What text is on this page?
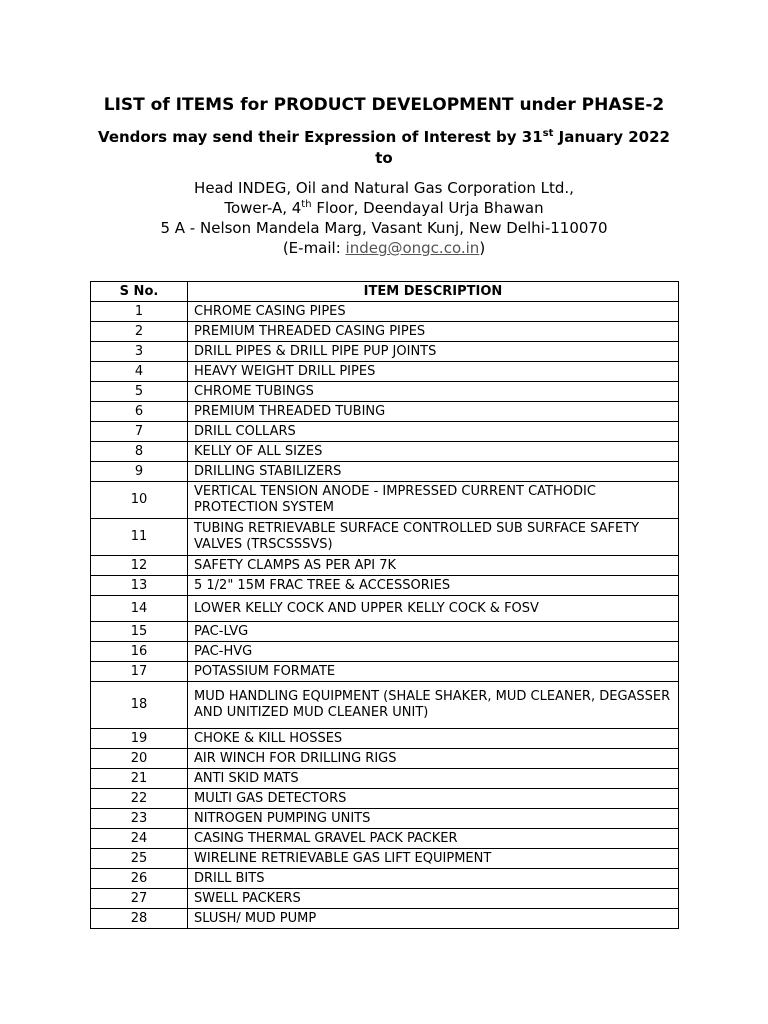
LIST of ITEMS for PRODUCT DEVELOPMENT under PHASE-2
Vendors may send their Expression of Interest by 31st January 2022
to
Head INDEG, Oil and Natural Gas Corporation Ltd.,
Tower-A, 4th Floor, Deendayal Urja Bhawan
5 A - Nelson Mandela Marg, Vasant Kunj, New Delhi-110070
(E-mail: indeg@ongc.co.in)
S No.	ITEM DESCRIPTION
1	CHROME CASING PIPES
2	PREMIUM THREADED CASING PIPES
3	DRILL PIPES & DRILL PIPE PUP JOINTS
4	HEAVY WEIGHT DRILL PIPES
5	CHROME TUBINGS
6	PREMIUM THREADED TUBING
7	DRILL COLLARS
8	KELLY OF ALL SIZES
9	DRILLING STABILIZERS
10	VERTICAL TENSION ANODE - IMPRESSED CURRENT CATHODIC PROTECTION SYSTEM
11	TUBING RETRIEVABLE SURFACE CONTROLLED SUB SURFACE SAFETY VALVES (TRSCSSSVS)
12	SAFETY CLAMPS AS PER API 7K
13	5 1/2" 15M FRAC TREE & ACCESSORIES
14	LOWER KELLY COCK AND UPPER KELLY COCK & FOSV
15	PAC-LVG
16	PAC-HVG
17	POTASSIUM FORMATE
18	MUD HANDLING EQUIPMENT (SHALE SHAKER, MUD CLEANER, DEGASSER AND UNITIZED MUD CLEANER UNIT)
19	CHOKE & KILL HOSSES
20	AIR WINCH FOR DRILLING RIGS
21	ANTI SKID MATS
22	MULTI GAS DETECTORS
23	NITROGEN PUMPING UNITS
24	CASING THERMAL GRAVEL PACK PACKER
25	WIRELINE RETRIEVABLE GAS LIFT EQUIPMENT
26	DRILL BITS
27	SWELL PACKERS
28	SLUSH/ MUD PUMP
